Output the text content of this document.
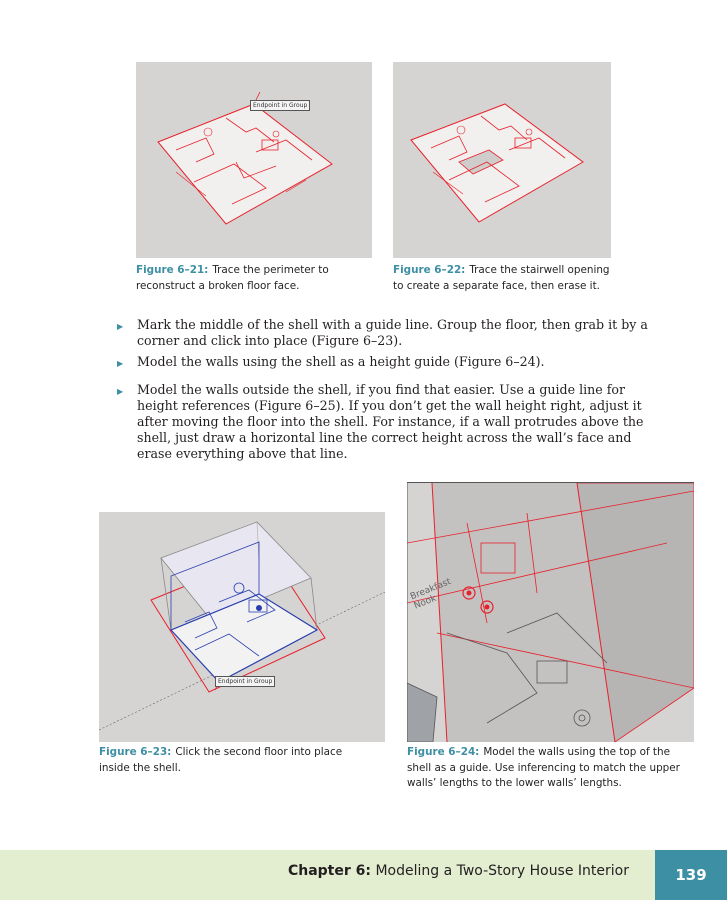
Endpoint in Group
Figure 6–21: Trace the perimeter to reconstruct a broken floor face.
Figure 6–22: Trace the stairwell opening to create a separate face, then erase it.
▶ Mark the middle of the shell with a guide line. Group the floor, then grab it by a corner and click into place (Figure 6–23).
▶ Model the walls using the shell as a height guide (Figure 6–24).
▶ Model the walls outside the shell, if you find that easier. Use a guide line for height references (Figure 6–25). If you don’t get the wall height right, adjust it after moving the floor into the shell. For instance, if a wall protrudes above the shell, just draw a horizontal line the correct height across the wall’s face and erase everything above that line.
Endpoint in Group
Figure 6–23: Click the second floor into place inside the shell.
Breakfast Nook
Figure 6–24: Model the walls using the top of the shell as a guide. Use inferencing to match the upper walls’ lengths to the lower walls’ lengths.
Chapter 6: Modeling a Two-Story House Interior	139
